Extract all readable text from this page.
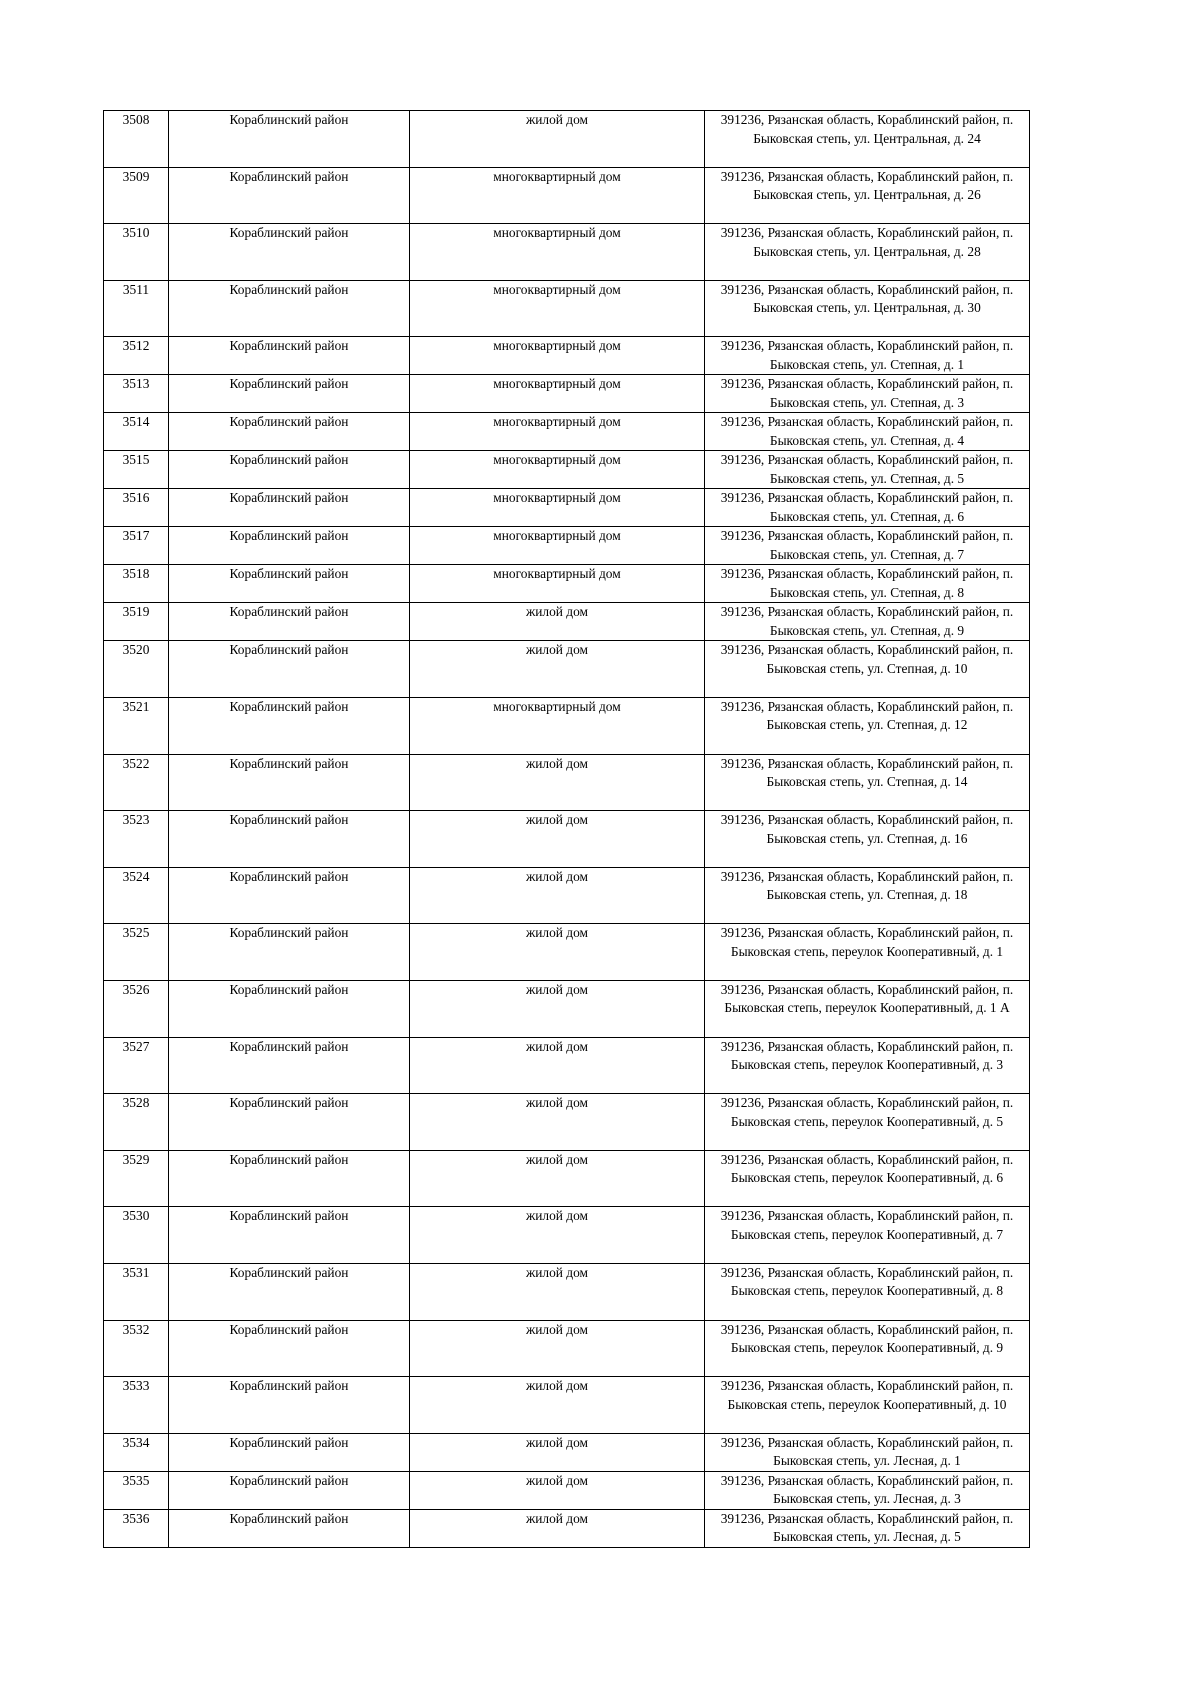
3508	Кораблинский район	жилой дом	391236, Рязанская область, Кораблинский район, п. Быковская степь, ул. Центральная, д. 24
3509	Кораблинский район	многоквартирный дом	391236, Рязанская область, Кораблинский район, п. Быковская степь, ул. Центральная, д. 26
3510	Кораблинский район	многоквартирный дом	391236, Рязанская область, Кораблинский район, п. Быковская степь, ул. Центральная, д. 28
3511	Кораблинский район	многоквартирный дом	391236, Рязанская область, Кораблинский район, п. Быковская степь, ул. Центральная, д. 30
3512	Кораблинский район	многоквартирный дом	391236, Рязанская область, Кораблинский район, п. Быковская степь, ул. Степная, д. 1
3513	Кораблинский район	многоквартирный дом	391236, Рязанская область, Кораблинский район, п. Быковская степь, ул. Степная, д. 3
3514	Кораблинский район	многоквартирный дом	391236, Рязанская область, Кораблинский район, п. Быковская степь, ул. Степная, д. 4
3515	Кораблинский район	многоквартирный дом	391236, Рязанская область, Кораблинский район, п. Быковская степь, ул. Степная, д. 5
3516	Кораблинский район	многоквартирный дом	391236, Рязанская область, Кораблинский район, п. Быковская степь, ул. Степная, д. 6
3517	Кораблинский район	многоквартирный дом	391236, Рязанская область, Кораблинский район, п. Быковская степь, ул. Степная, д. 7
3518	Кораблинский район	многоквартирный дом	391236, Рязанская область, Кораблинский район, п. Быковская степь, ул. Степная, д. 8
3519	Кораблинский район	жилой дом	391236, Рязанская область, Кораблинский район, п. Быковская степь, ул. Степная, д. 9
3520	Кораблинский район	жилой дом	391236, Рязанская область, Кораблинский район, п. Быковская степь, ул. Степная, д. 10
3521	Кораблинский район	многоквартирный дом	391236, Рязанская область, Кораблинский район, п. Быковская степь, ул. Степная, д. 12
3522	Кораблинский район	жилой дом	391236, Рязанская область, Кораблинский район, п. Быковская степь, ул. Степная, д. 14
3523	Кораблинский район	жилой дом	391236, Рязанская область, Кораблинский район, п. Быковская степь, ул. Степная, д. 16
3524	Кораблинский район	жилой дом	391236, Рязанская область, Кораблинский район, п. Быковская степь, ул. Степная, д. 18
3525	Кораблинский район	жилой дом	391236, Рязанская область, Кораблинский район, п. Быковская степь, переулок Кооперативный, д. 1
3526	Кораблинский район	жилой дом	391236, Рязанская область, Кораблинский район, п. Быковская степь, переулок Кооперативный, д. 1 А
3527	Кораблинский район	жилой дом	391236, Рязанская область, Кораблинский район, п. Быковская степь, переулок Кооперативный, д. 3
3528	Кораблинский район	жилой дом	391236, Рязанская область, Кораблинский район, п. Быковская степь, переулок Кооперативный, д. 5
3529	Кораблинский район	жилой дом	391236, Рязанская область, Кораблинский район, п. Быковская степь, переулок Кооперативный, д. 6
3530	Кораблинский район	жилой дом	391236, Рязанская область, Кораблинский район, п. Быковская степь, переулок Кооперативный, д. 7
3531	Кораблинский район	жилой дом	391236, Рязанская область, Кораблинский район, п. Быковская степь, переулок Кооперативный, д. 8
3532	Кораблинский район	жилой дом	391236, Рязанская область, Кораблинский район, п. Быковская степь, переулок Кооперативный, д. 9
3533	Кораблинский район	жилой дом	391236, Рязанская область, Кораблинский район, п. Быковская степь, переулок Кооперативный, д. 10
3534	Кораблинский район	жилой дом	391236, Рязанская область, Кораблинский район, п. Быковская степь, ул. Лесная, д. 1
3535	Кораблинский район	жилой дом	391236, Рязанская область, Кораблинский район, п. Быковская степь, ул. Лесная, д. 3
3536	Кораблинский район	жилой дом	391236, Рязанская область, Кораблинский район, п. Быковская степь, ул. Лесная, д. 5
